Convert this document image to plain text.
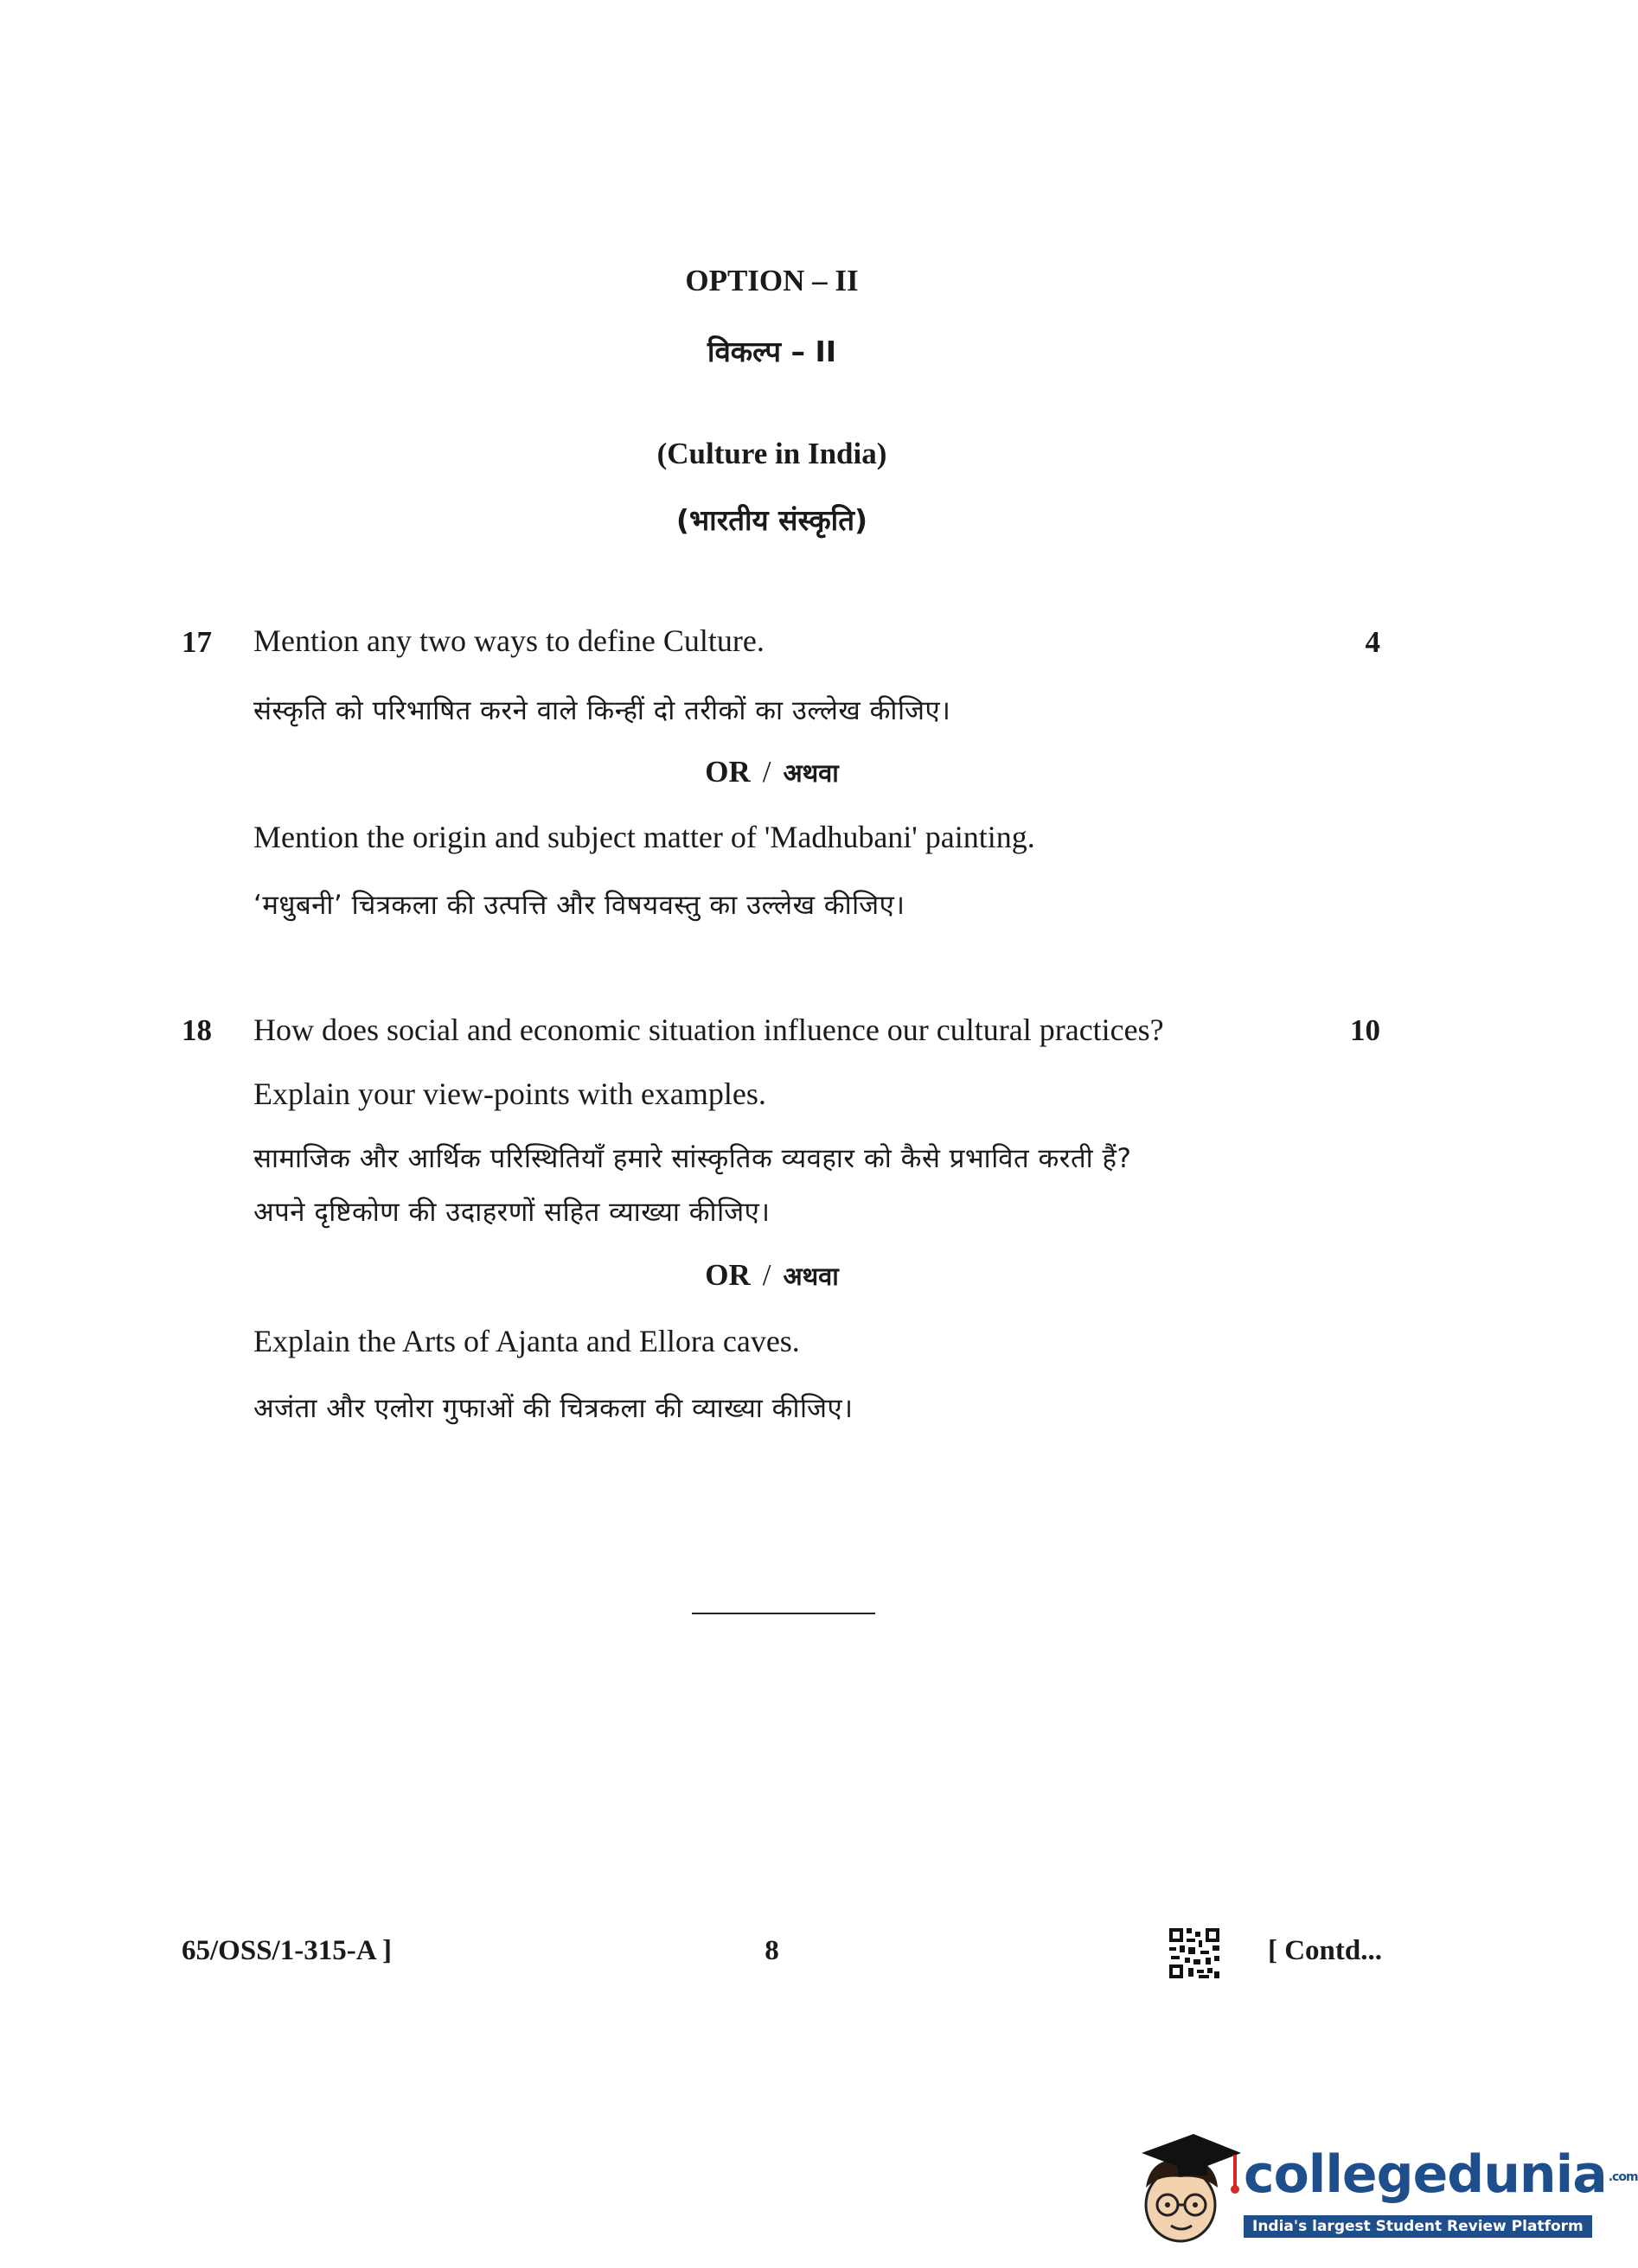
OPTION – II
विकल्प – II
(Culture in India)
(भारतीय संस्कृति)
17	4
Mention any two ways to define Culture.
संस्कृति को परिभाषित करने वाले किन्हीं दो तरीकों का उल्लेख कीजिए।
OR / अथवा
Mention the origin and subject matter of 'Madhubani' painting.
‘मधुबनी’ चित्रकला की उत्पत्ति और विषयवस्तु का उल्लेख कीजिए।
18	10
How does social and economic situation influence our cultural practices?
Explain your view-points with examples.
सामाजिक और आर्थिक परिस्थितियाँ हमारे सांस्कृतिक व्यवहार को कैसे प्रभावित करती हैं?
अपने दृष्टिकोण की उदाहरणों सहित व्याख्या कीजिए।
OR / अथवा
Explain the Arts of Ajanta and Ellora caves.
अजंता और एलोरा गुफाओं की चित्रकला की व्याख्या कीजिए।
65/OSS/1-315-A ]	8	[ Contd...
collegedunia .com
India's largest Student Review Platform
